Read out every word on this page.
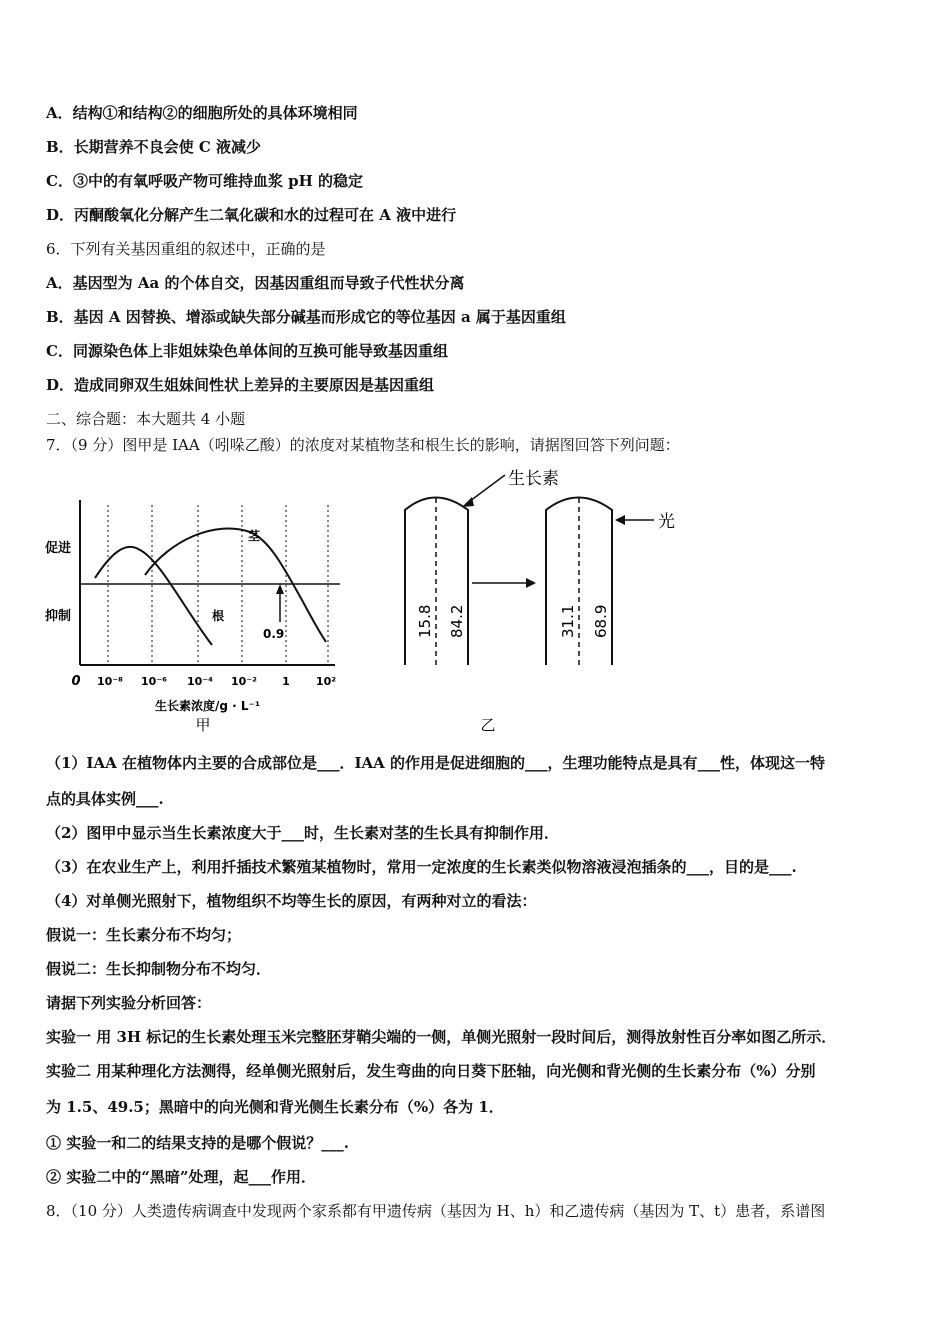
A．结构①和结构②的细胞所处的具体环境相同
B．长期营养不良会使 C 液减少
C．③中的有氧呼吸产物可维持血浆 pH 的稳定
D．丙酮酸氧化分解产生二氧化碳和水的过程可在 A 液中进行
6．下列有关基因重组的叙述中，正确的是
A．基因型为 Aa 的个体自交，因基因重组而导致子代性状分离
B．基因 A 因替换、增添或缺失部分碱基而形成它的等位基因 a 属于基因重组
C．同源染色体上非姐妹染色单体间的互换可能导致基因重组
D．造成同卵双生姐妹间性状上差异的主要原因是基因重组
二、综合题：本大题共 4 小题
7．（9 分）图甲是 IAA（吲哚乙酸）的浓度对某植物茎和根生长的影响，请据图回答下列问题：
促进
抑制
0 10⁻⁸ 10⁻⁶ 10⁻⁴ 10⁻² 1 10²
生长素浓度/g · L⁻¹
茎
根
0.9
甲
生长素
15.8 84.2
光
31.1 68.9
乙
（1）IAA 在植物体内主要的合成部位是___．IAA 的作用是促进细胞的___，生理功能特点是具有___性，体现这一特
点的具体实例___.
（2）图甲中显示当生长素浓度大于___时，生长素对茎的生长具有抑制作用．
（3）在农业生产上，利用扦插技术繁殖某植物时，常用一定浓度的生长素类似物溶液浸泡插条的___，目的是___.
（4）对单侧光照射下，植物组织不均等生长的原因，有两种对立的看法：
假说一：生长素分布不均匀；
假说二：生长抑制物分布不均匀．
请据下列实验分析回答：
实验一 用 3H 标记的生长素处理玉米完整胚芽鞘尖端的一侧，单侧光照射一段时间后，测得放射性百分率如图乙所示．
实验二 用某种理化方法测得，经单侧光照射后，发生弯曲的向日葵下胚轴，向光侧和背光侧的生长素分布（%）分别
为 1.5、49.5；黑暗中的向光侧和背光侧生长素分布（%）各为 1．
① 实验一和二的结果支持的是哪个假说？___.
② 实验二中的“黑暗”处理，起___作用．
8．（10 分）人类遗传病调查中发现两个家系都有甲遗传病（基因为 H、h）和乙遗传病（基因为 T、t）患者，系谱图
